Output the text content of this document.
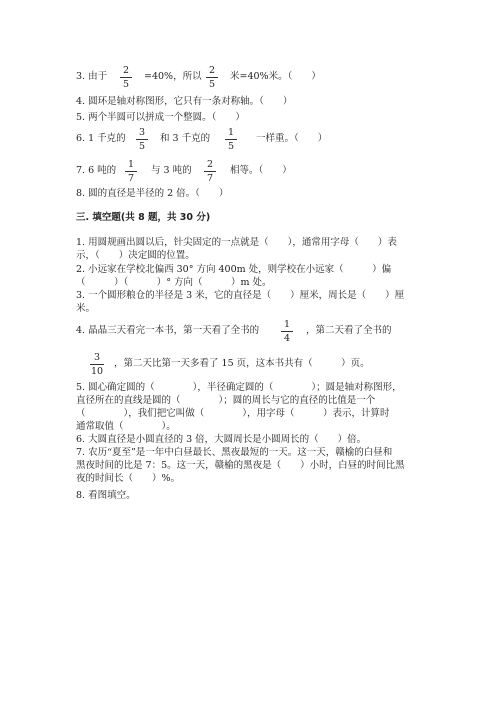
3. 由于
2
5
=40%，所以
2
5
米=40%米。（　　）
4. 圆环是轴对称图形，它只有一条对称轴。（　　）
5. 两个半圆可以拼成一个整圆。（　　）
6. 1 千克的
3
5
和 3 千克的
1
5
一样重。（　　）
7. 6 吨的
1
7
与 3 吨的
2
7
相等。（　　）
8. 圆的直径是半径的 2 倍。（　　）
三. 填空题(共 8 题，共 30 分)
1. 用圆规画出圆以后，针尖固定的一点就是（　　），通常用字母（　　）表
示，（　　）决定圆的位置。
2. 小远家在学校北偏西 30° 方向 400m 处，则学校在小远家（　　　）偏
（　　　）（　　　）° 方向（　　　）m 处。
3. 一个圆形粮仓的半径是 3 米，它的直径是（　　）厘米，周长是（　　）厘
米。
4. 晶晶三天看完一本书，第一天看了全书的
1
4
，第二天看了全书的
3
10
，第二天比第一天多看了 15 页，这本书共有（　　　）页。
5. 圆心确定圆的（　　　　），半径确定圆的（　　　　）；圆是轴对称图形，
直径所在的直线是圆的（　　　　）；圆的周长与它的直径的比值是一个
（　　　　），我们把它叫做（　　　　），用字母（　　　）表示，计算时
通常取值（　　　　）。
6. 大圆直径是小圆直径的 3 倍，大圆周长是小圆周长的（　　）倍。
7. 农历“夏至”是一年中白昼最长、黑夜最短的一天。这一天，赣榆的白昼和
黑夜时间的比是 7：5。这一天，赣榆的黑夜是（　　）小时，白昼的时间比黑
夜的时间长（　　）%。
8. 看图填空。
